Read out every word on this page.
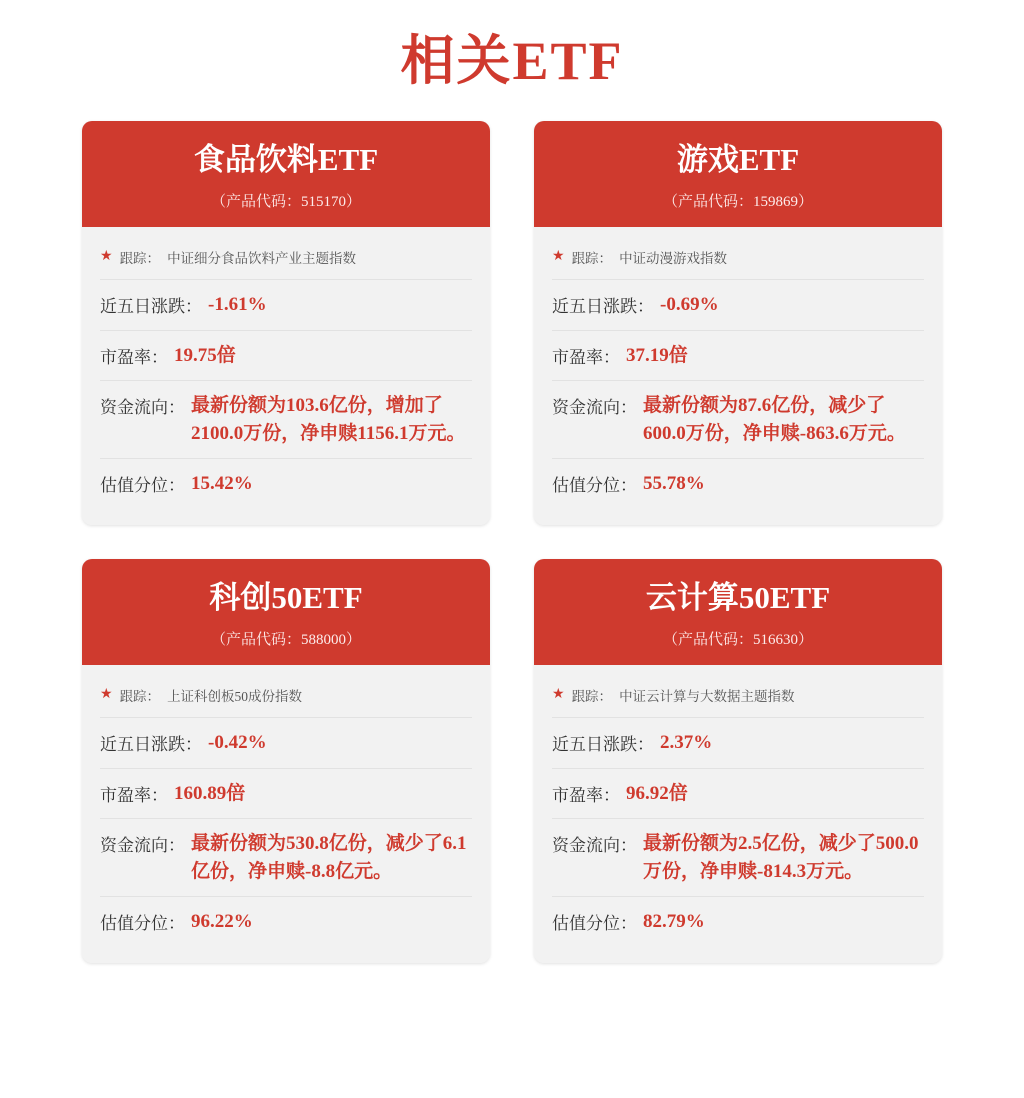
相关ETF
食品饮料ETF
（产品代码：515170）
★ 跟踪： 中证细分食品饮料产业主题指数
近五日涨跌： -1.61%
市盈率： 19.75倍
资金流向： 最新份额为103.6亿份，增加了2100.0万份，净申赎1156.1万元。
估值分位： 15.42%
游戏ETF
（产品代码：159869）
★ 跟踪： 中证动漫游戏指数
近五日涨跌： -0.69%
市盈率： 37.19倍
资金流向： 最新份额为87.6亿份，减少了600.0万份，净申赎-863.6万元。
估值分位： 55.78%
科创50ETF
（产品代码：588000）
★ 跟踪： 上证科创板50成份指数
近五日涨跌： -0.42%
市盈率： 160.89倍
资金流向： 最新份额为530.8亿份，减少了6.1亿份，净申赎-8.8亿元。
估值分位： 96.22%
云计算50ETF
（产品代码：516630）
★ 跟踪： 中证云计算与大数据主题指数
近五日涨跌： 2.37%
市盈率： 96.92倍
资金流向： 最新份额为2.5亿份，减少了500.0万份，净申赎-814.3万元。
估值分位： 82.79%
